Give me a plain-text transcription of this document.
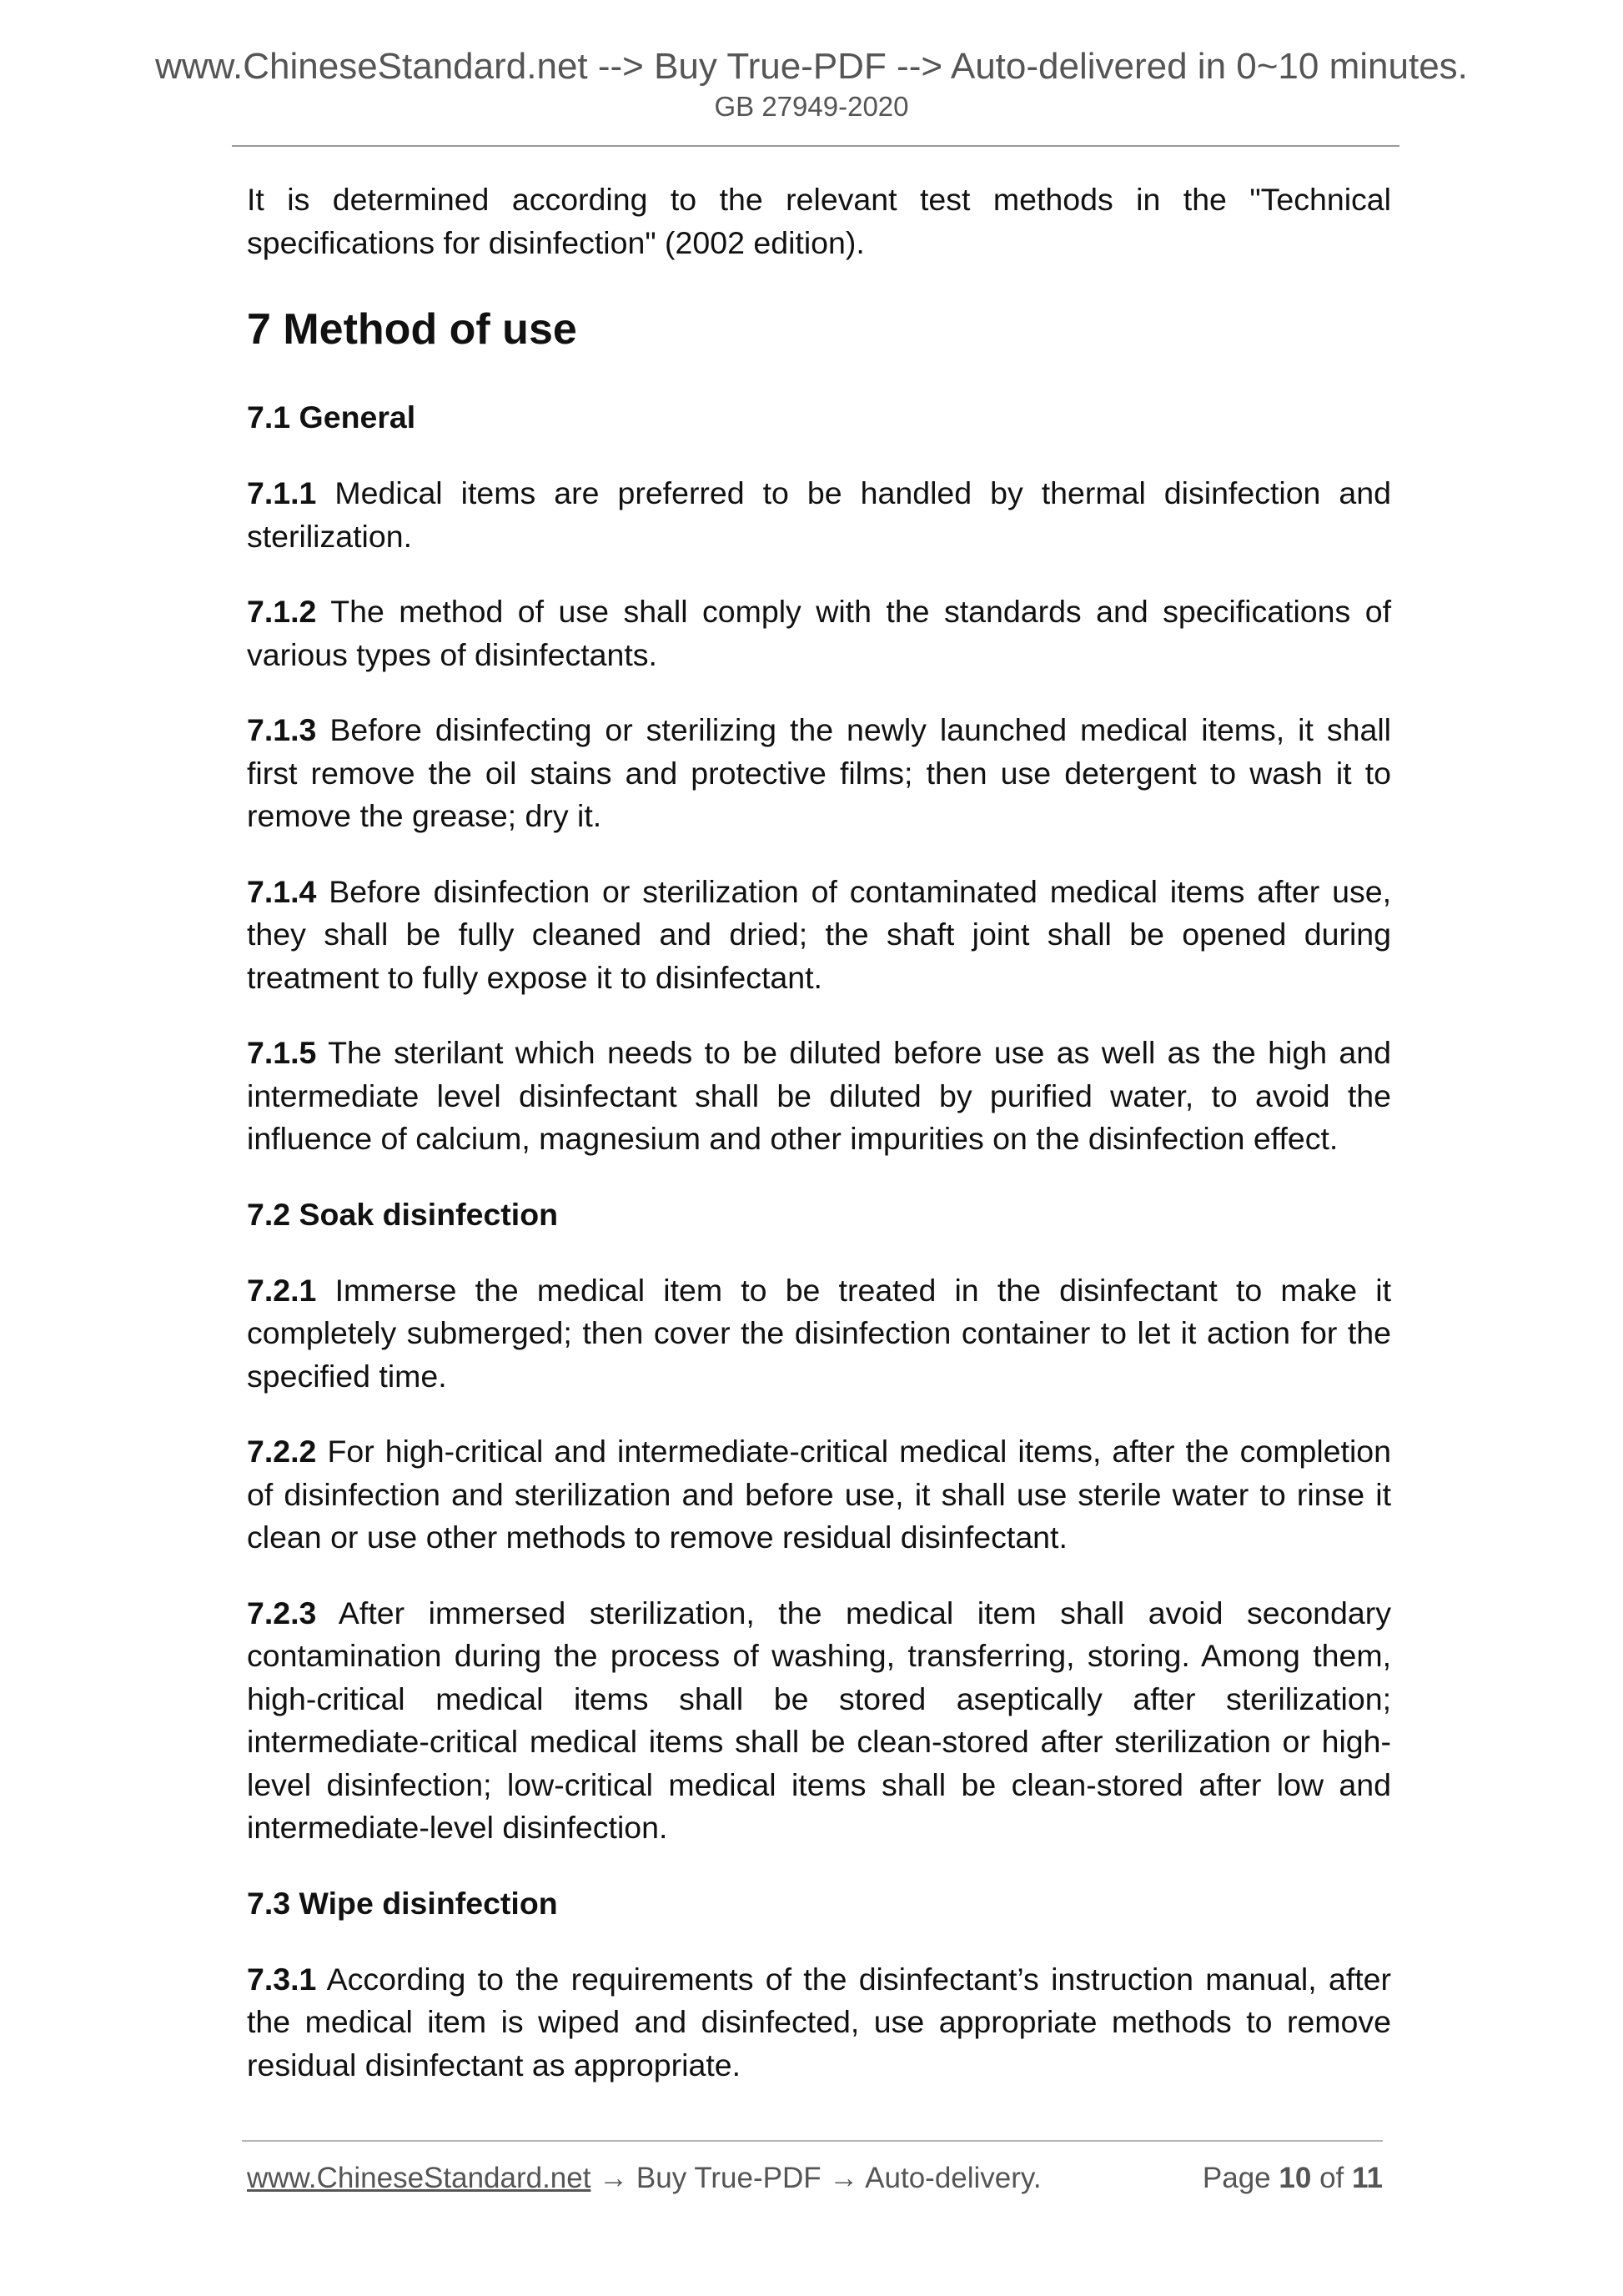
www.ChineseStandard.net --> Buy True-PDF --> Auto-delivered in 0~10 minutes.
GB 27949-2020

It is determined according to the relevant test methods in the "Technical specifications for disinfection" (2002 edition).

7 Method of use
7.1 General

7.1.1 Medical items are preferred to be handled by thermal disinfection and sterilization.

7.1.2 The method of use shall comply with the standards and specifications of various types of disinfectants.

7.1.3 Before disinfecting or sterilizing the newly launched medical items, it shall first remove the oil stains and protective films; then use detergent to wash it to remove the grease; dry it.

7.1.4 Before disinfection or sterilization of contaminated medical items after use, they shall be fully cleaned and dried; the shaft joint shall be opened during treatment to fully expose it to disinfectant.

7.1.5 The sterilant which needs to be diluted before use as well as the high and intermediate level disinfectant shall be diluted by purified water, to avoid the influence of calcium, magnesium and other impurities on the disinfection effect.

7.2 Soak disinfection

7.2.1 Immerse the medical item to be treated in the disinfectant to make it completely submerged; then cover the disinfection container to let it action for the specified time.

7.2.2 For high-critical and intermediate-critical medical items, after the completion of disinfection and sterilization and before use, it shall use sterile water to rinse it clean or use other methods to remove residual disinfectant.

7.2.3 After immersed sterilization, the medical item shall avoid secondary contamination during the process of washing, transferring, storing. Among them, high-critical medical items shall be stored aseptically after sterilization; intermediate-critical medical items shall be clean-stored after sterilization or high-level disinfection; low-critical medical items shall be clean-stored after low and intermediate-level disinfection.

7.3 Wipe disinfection

7.3.1 According to the requirements of the disinfectant’s instruction manual, after the medical item is wiped and disinfected, use appropriate methods to remove residual disinfectant as appropriate.

www.ChineseStandard.net → Buy True-PDF → Auto-delivery.	Page 10 of 11
